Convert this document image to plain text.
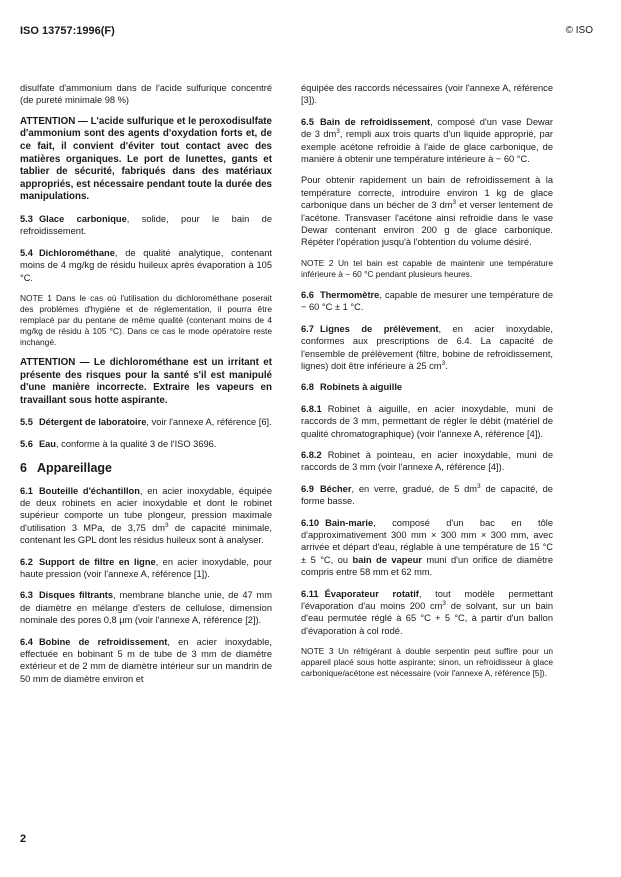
ISO 13757:1996(F)	© ISO

disulfate d'ammonium dans de l'acide sulfurique concentré (de pureté minimale 98 %)

ATTENTION — L'acide sulfurique et le peroxodisulfate d'ammonium sont des agents d'oxydation forts et, de ce fait, il convient d'éviter tout contact avec des matières organiques. Le port de lunettes, gants et tablier de sécurité, fabriqués dans des matériaux appropriés, est nécessaire pendant toute la durée des manipulations.

5.3 Glace carbonique, solide, pour le bain de refroidissement.

5.4 Dichlorométhane, de qualité analytique, contenant moins de 4 mg/kg de résidu huileux après évaporation à 105 °C.

NOTE 1 Dans le cas où l'utilisation du dichlorométhane poserait des problèmes d'hygiène et de réglementation, il pourra être remplacé par du pentane de même qualité (contenant moins de 4 mg/kg de résidu à 105 °C). Dans ce cas le mode opératoire reste inchangé.

ATTENTION — Le dichlorométhane est un irritant et présente des risques pour la santé s'il est manipulé d'une manière incorrecte. Extraire les vapeurs en travaillant sous hotte aspirante.

5.5 Détergent de laboratoire, voir l'annexe A, référence [6].

5.6 Eau, conforme à la qualité 3 de l'ISO 3696.

6 Appareillage

6.1 Bouteille d'échantillon, en acier inoxydable, équipée de deux robinets en acier inoxydable et dont le robinet supérieur comporte un tube plongeur, pression maximale d'utilisation 3 MPa, de 3,75 $dm^3$ de capacité minimale, contenant les GPL dont les résidus huileux sont à analyser.

6.2 Support de filtre en ligne, en acier inoxydable, pour haute pression (voir l'annexe A, référence [1]).

6.3 Disques filtrants, membrane blanche unie, de 47 mm de diamètre en mélange d'esters de cellulose, dimension nominale des pores 0,8 µm (voir l'annexe A, référence [2]).

6.4 Bobine de refroidissement, en acier inoxydable, effectuée en bobinant 5 m de tube de 3 mm de diamètre extérieur et de 2 mm de diamètre intérieur sur un mandrin de 50 mm de diamètre environ et

équipée des raccords nécessaires (voir l'annexe A, référence [3]).

6.5 Bain de refroidissement, composé d'un vase Dewar de 3 $dm^3$, rempli aux trois quarts d'un liquide approprié, par exemple acétone refroidie à l'aide de glace carbonique, de manière à obtenir une température intérieure à − 60 °C.

Pour obtenir rapidement un bain de refroidissement à la température correcte, introduire environ 1 kg de glace carbonique dans un bécher de 3 $dm^3$ et verser lentement de l'acétone. Transvaser l'acétone ainsi refroidie dans le vase Dewar contenant environ 200 g de glace carbonique. Répéter l'opération jusqu'à l'obtention du volume désiré.

NOTE 2 Un tel bain est capable de maintenir une température inférieure à − 60 °C pendant plusieurs heures.

6.6 Thermomètre, capable de mesurer une température de − 60 °C ± 1 °C.

6.7 Lignes de prélèvement, en acier inoxydable, conformes aux prescriptions de 6.4. La capacité de l'ensemble de prélèvement (filtre, bobine de refroidissement, lignes) doit être inférieure à 25 $cm^3$.

6.8 Robinets à aiguille

6.8.1 Robinet à aiguille, en acier inoxydable, muni de raccords de 3 mm, permettant de régler le débit (matériel de qualité chromatographique) (voir l'annexe A, référence [4]).

6.8.2 Robinet à pointeau, en acier inoxydable, muni de raccords de 3 mm (voir l'annexe A, référence [4]).

6.9 Bécher, en verre, gradué, de 5 $dm^3$ de capacité, de forme basse.

6.10 Bain-marie, composé d'un bac en tôle d'approximativement 300 mm × 300 mm × 300 mm, avec arrivée et départ d'eau, réglable à une température de 15 °C ± 5 °C, ou bain de vapeur muni d'un orifice de diamètre compris entre 58 mm et 62 mm.

6.11 Évaporateur rotatif, tout modèle permettant l'évaporation d'au moins 200 $cm^3$ de solvant, sur un bain d'eau permutée réglé à 65 °C + 5 °C, à partir d'un ballon d'évaporation à col rodé.

NOTE 3 Un réfrigérant à double serpentin peut suffire pour un appareil placé sous hotte aspirante; sinon, un refroidisseur à glace carbonique/acétone est nécessaire (voir l'annexe A, référence [5]).

2
